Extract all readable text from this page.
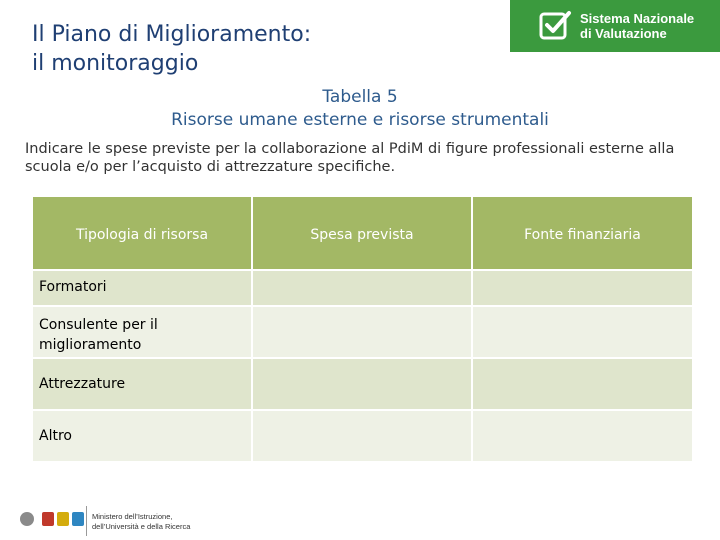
Il Piano di Miglioramento:
il monitoraggio
Sistema Nazionale
di Valutazione
Tabella 5
Risorse umane esterne e risorse strumentali
Indicare le spese previste per la collaborazione al PdiM di figure professionali esterne alla scuola e/o per l’acquisto di attrezzature specifiche.
Tipologia di risorsa	Spesa prevista	Fonte finanziaria
Formatori
Consulente per il miglioramento
Attrezzature
Altro
Ministero dell’Istruzione,
dell’Università e della Ricerca
